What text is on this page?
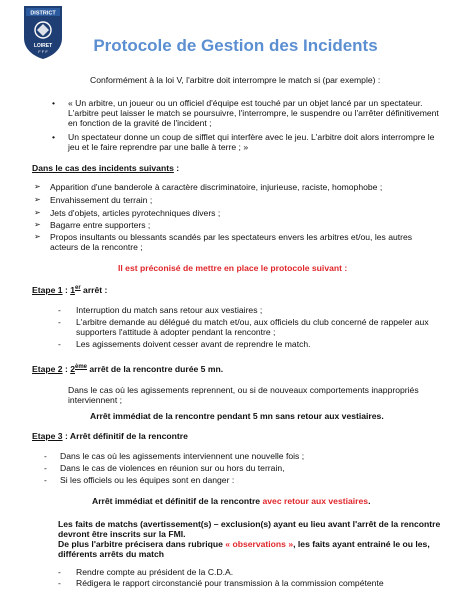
DISTRICT
LOIRET
F F F	Protocole de Gestion des Incidents
Conformément à la loi V, l'arbitre doit interrompre le match si (par exemple) :
• « Un arbitre, un joueur ou un officiel d'équipe est touché par un objet lancé par un spectateur.
L'arbitre peut laisser le match se poursuivre, l'interrompre, le suspendre ou l'arrêter définitivement
en fonction de la gravité de l'incident ;
• Un spectateur donne un coup de sifflet qui interfère avec le jeu. L'arbitre doit alors interrompre le
jeu et le faire reprendre par une balle à terre ; »
Dans le cas des incidents suivants :
➢ Apparition d'une banderole à caractère discriminatoire, injurieuse, raciste, homophobe ;
➢ Envahissement du terrain ;
➢ Jets d'objets, articles pyrotechniques divers ;
➢ Bagarre entre supporters ;
➢ Propos insultants ou blessants scandés par les spectateurs envers les arbitres et/ou, les autres
acteurs de la rencontre ;
Il est préconisé de mettre en place le protocole suivant :
Etape 1 : 1er arrêt :
- Interruption du match sans retour aux vestiaires ;
- L'arbitre demande au délégué du match et/ou, aux officiels du club concerné de rappeler aux
supporters l'attitude à adopter pendant la rencontre ;
- Les agissements doivent cesser avant de reprendre le match.
Etape 2 : 2ème arrêt de la rencontre durée 5 mn.
Dans le cas où les agissements reprennent, ou si de nouveaux comportements inappropriés
interviennent ;
Arrêt immédiat de la rencontre pendant 5 mn sans retour aux vestiaires.
Etape 3 : Arrêt définitif de la rencontre
- Dans le cas où les agissements interviennent une nouvelle fois ;
- Dans le cas de violences en réunion sur ou hors du terrain,
- Si les officiels ou les équipes sont en danger :
Arrêt immédiat et définitif de la rencontre avec retour aux vestiaires.
Les faits de matchs (avertissement(s) – exclusion(s) ayant eu lieu avant l'arrêt de la rencontre
devront être inscrits sur la FMI.
De plus l'arbitre précisera dans rubrique « observations », les faits ayant entrainé le ou les,
différents arrêts du match
- Rendre compte au président de la C.D.A.
- Rédigera le rapport circonstancié pour transmission à la commission compétente
